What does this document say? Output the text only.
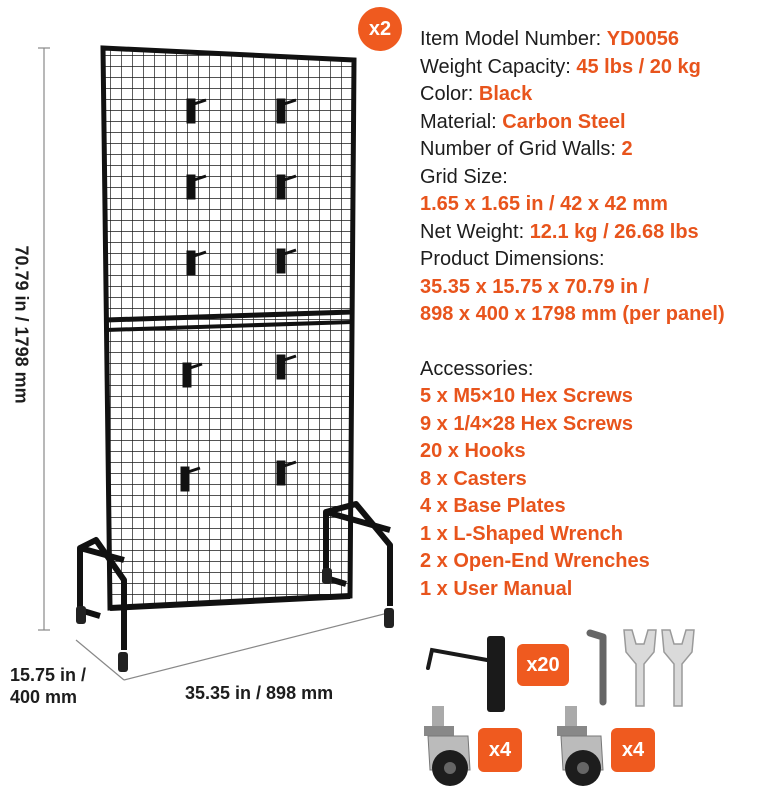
x2
x20
x4	x4
70.79 in / 1798 mm
15.75 in /
400 mm	35.35 in / 898 mm
Item Model Number: YD0056
Weight Capacity: 45 lbs / 20 kg
Color: Black
Material: Carbon Steel
Number of Grid Walls: 2
Grid Size:
1.65 x 1.65 in / 42 x 42 mm
Net Weight: 12.1 kg / 26.68 lbs
Product Dimensions:
35.35 x 15.75 x 70.79 in /
898 x 400 x 1798 mm (per panel)
Accessories:
5 x M5×10 Hex Screws
9 x 1/4×28 Hex Screws
20 x Hooks
8 x Casters
4 x Base Plates
1 x L-Shaped Wrench
2 x Open-End Wrenches
1 x User Manual
